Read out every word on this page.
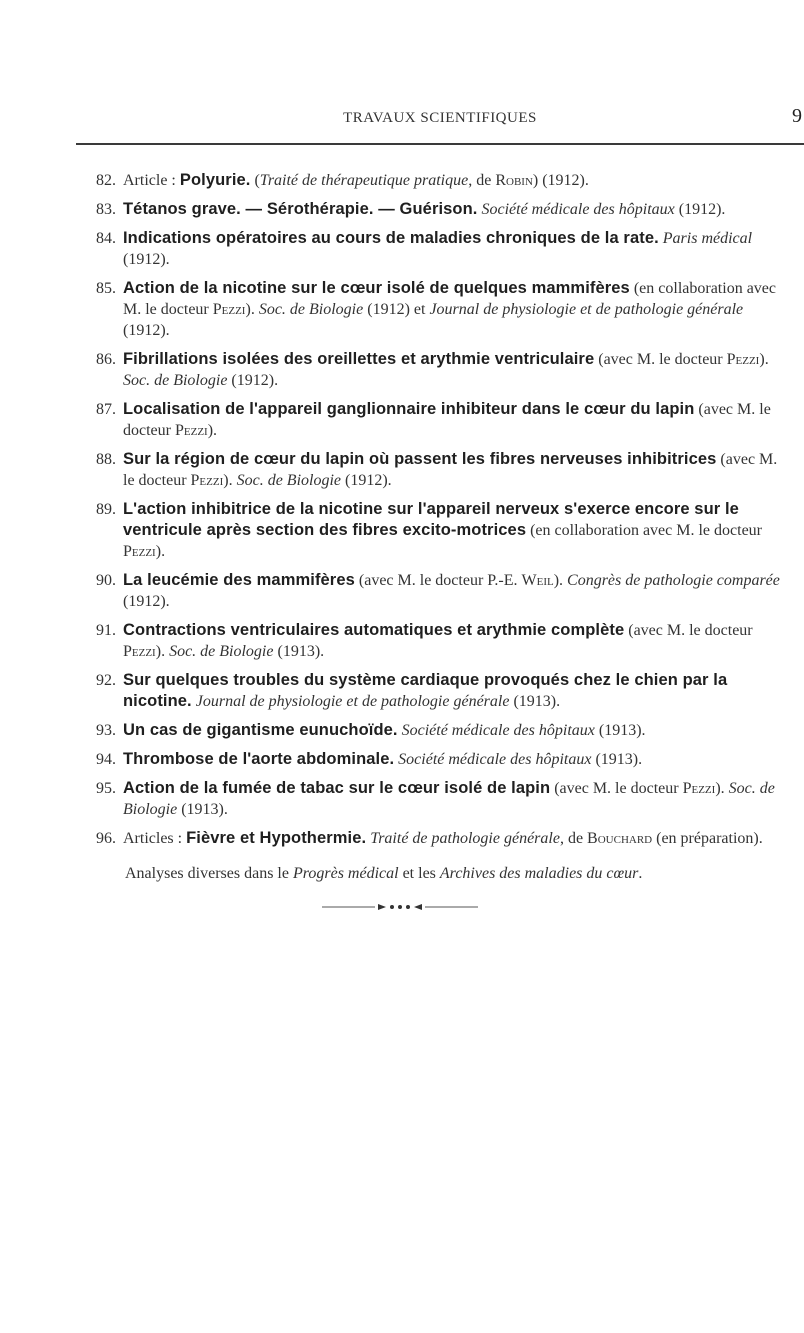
TRAVAUX SCIENTIFIQUES	9
82. Article : Polyurie. (Traité de thérapeutique pratique, de Robin) (1912).
83. Tétanos grave. — Sérothérapie. — Guérison. Société médicale des hôpitaux (1912).
84. Indications opératoires au cours de maladies chroniques de la rate. Paris médical (1912).
85. Action de la nicotine sur le cœur isolé de quelques mammifères (en collaboration avec M. le docteur Pezzi). Soc. de Biologie (1912) et Journal de physiologie et de pathologie générale (1912).
86. Fibrillations isolées des oreillettes et arythmie ventriculaire (avec M. le docteur Pezzi). Soc. de Biologie (1912).
87. Localisation de l'appareil ganglionnaire inhibiteur dans le cœur du lapin (avec M. le docteur Pezzi).
88. Sur la région de cœur du lapin où passent les fibres nerveuses inhibitrices (avec M. le docteur Pezzi). Soc. de Biologie (1912).
89. L'action inhibitrice de la nicotine sur l'appareil nerveux s'exerce encore sur le ventricule après section des fibres excito-motrices (en collaboration avec M. le docteur Pezzi).
90. La leucémie des mammifères (avec M. le docteur P.-E. Weil). Congrès de pathologie comparée (1912).
91. Contractions ventriculaires automatiques et arythmie complète (avec M. le docteur Pezzi). Soc. de Biologie (1913).
92. Sur quelques troubles du système cardiaque provoqués chez le chien par la nicotine. Journal de physiologie et de pathologie générale (1913).
93. Un cas de gigantisme eunuchoïde. Société médicale des hôpitaux (1913).
94. Thrombose de l'aorte abdominale. Société médicale des hôpitaux (1913).
95. Action de la fumée de tabac sur le cœur isolé de lapin (avec M. le docteur Pezzi). Soc. de Biologie (1913).
96. Articles : Fièvre et Hypothermie. Traité de pathologie générale, de Bouchard (en préparation).
Analyses diverses dans le Progrès médical et les Archives des maladies du cœur.
